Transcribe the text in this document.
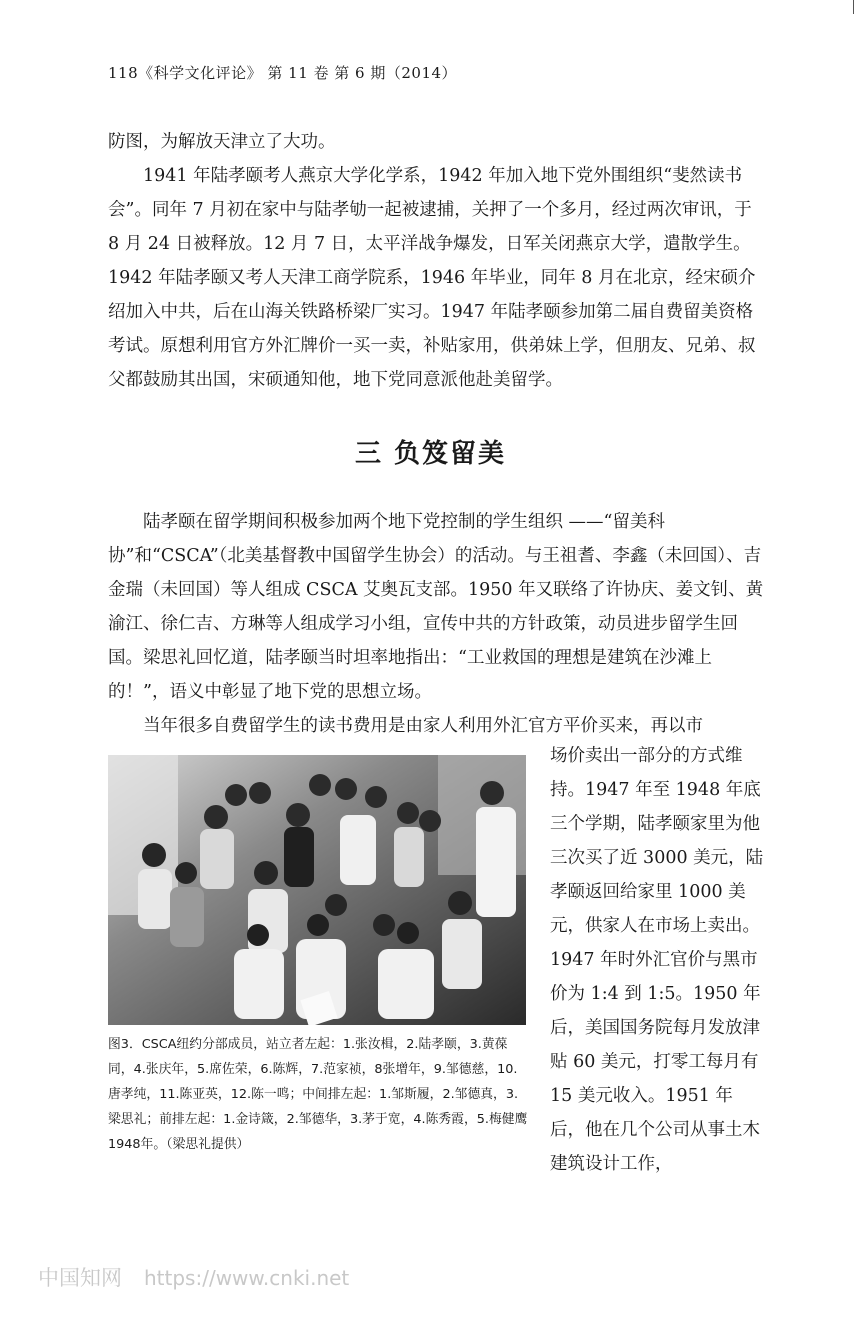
118《科学文化评论》 第 11 卷 第 6 期（2014）

防图，为解放天津立了大功。

1941 年陆孝颐考人燕京大学化学系，1942 年加入地下党外围组织“斐然读书会”。同年 7 月初在家中与陆孝劬一起被逮捕，关押了一个多月，经过两次审讯，于 8 月 24 日被释放。12 月 7 日，太平洋战争爆发，日军关闭燕京大学，遣散学生。1942 年陆孝颐又考人天津工商学院系，1946 年毕业，同年 8 月在北京，经宋硕介绍加入中共，后在山海关铁路桥梁厂实习。1947 年陆孝颐参加第二届自费留美资格考试。原想利用官方外汇牌价一买一卖，补贴家用，供弟妹上学，但朋友、兄弟、叔父都鼓励其出国，宋硕通知他，地下党同意派他赴美留学。

三 负笈留美

陆孝颐在留学期间积极参加两个地下党控制的学生组织 ——“留美科协”和“CSCA”（北美基督教中国留学生协会）的活动。与王祖耆、李鑫（未回国）、吉金瑞（未回国）等人组成 CSCA 艾奥瓦支部。1950 年又联络了许协庆、姜文钊、黄渝江、徐仁吉、方琳等人组成学习小组，宣传中共的方针政策，动员进步留学生回国。梁思礼回忆道，陆孝颐当时坦率地指出：“工业救国的理想是建筑在沙滩上的！”，语义中彰显了地下党的思想立场。

当年很多自费留学生的读书费用是由家人利用外汇官方平价买来，再以市

场价卖出一部分的方式维持。1947 年至 1948 年底三个学期，陆孝颐家里为他三次买了近 3000 美元，陆孝颐返回给家里 1000 美元，供家人在市场上卖出。1947 年时外汇官价与黑市价为 1:4 到 1:5。1950 年后，美国国务院每月发放津贴 60 美元，打零工每月有 15 美元收入。1951 年后，他在几个公司从事土木建筑设计工作，

图3．CSCA纽约分部成员，站立者左起：1.张汝楫，2.陆孝颐，3.黄葆同，4.张庆年，5.席佐荣，6.陈辉，7.范家祯，8张增年，9.邹德慈，10.唐孝纯，11.陈亚英，12.陈一鸣；中间排左起：1.邹斯履，2.邹德真，3.梁思礼；前排左起：1.金诗箴，2.邹德华，3.茅于宽，4.陈秀霞，5.梅健鹰 1948年。（梁思礼提供）
中国知网 https://www.cnki.net
